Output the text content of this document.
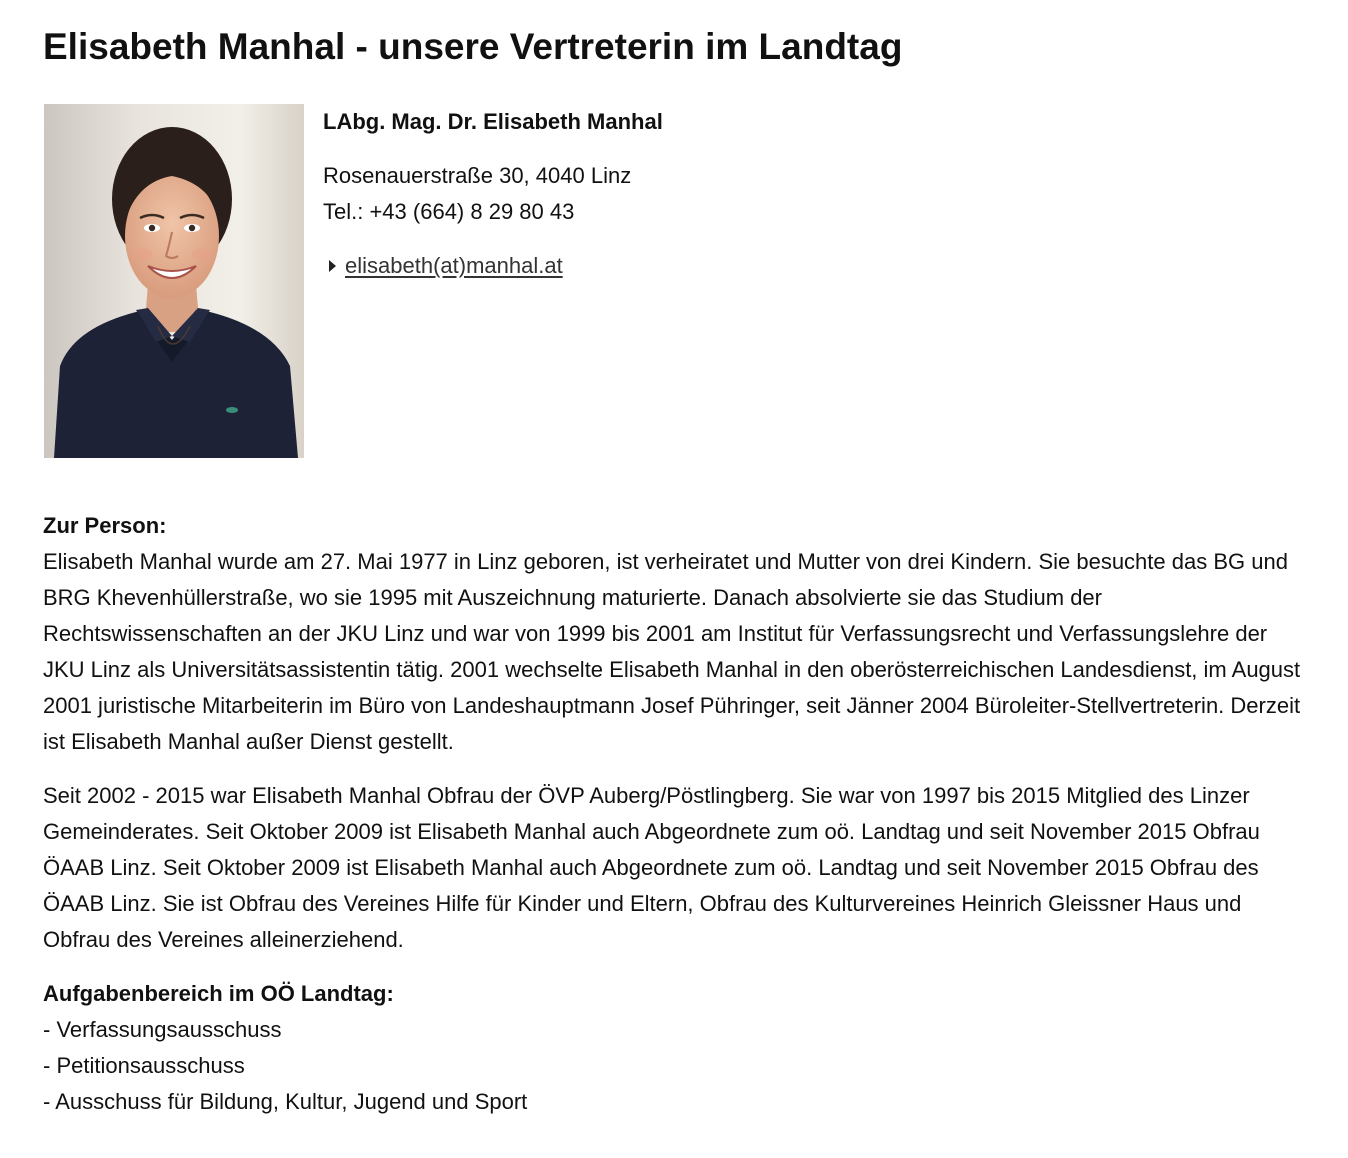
Elisabeth Manhal - unsere Vertreterin im Landtag
LAbg. Mag. Dr. Elisabeth Manhal
Rosenauerstraße 30, 4040 Linz
Tel.: +43 (664) 8 29 80 43
elisabeth(at)manhal.at

Zur Person:
Elisabeth Manhal wurde am 27. Mai 1977 in Linz geboren, ist verheiratet und Mutter von drei Kindern. Sie besuchte das BG und BRG Khevenhüllerstraße, wo sie 1995 mit Auszeichnung maturierte. Danach absolvierte sie das Studium der Rechtswissenschaften an der JKU Linz und war von 1999 bis 2001 am Institut für Verfassungsrecht und Verfassungslehre der JKU Linz als Universitätsassistentin tätig. 2001 wechselte Elisabeth Manhal in den oberösterreichischen Landesdienst, im August 2001 juristische Mitarbeiterin im Büro von Landeshauptmann Josef Pühringer, seit Jänner 2004 Büroleiter-Stellvertreterin. Derzeit ist Elisabeth Manhal außer Dienst gestellt.

Seit 2002 - 2015 war Elisabeth Manhal Obfrau der ÖVP Auberg/Pöstlingberg. Sie war von 1997 bis 2015 Mitglied des Linzer Gemeinderates. Seit Oktober 2009 ist Elisabeth Manhal auch Abgeordnete zum oö. Landtag und seit November 2015 Obfrau ÖAAB Linz. Seit Oktober 2009 ist Elisabeth Manhal auch Abgeordnete zum oö. Landtag und seit November 2015 Obfrau des ÖAAB Linz. Sie ist Obfrau des Vereines Hilfe für Kinder und Eltern, Obfrau des Kulturvereines Heinrich Gleissner Haus und Obfrau des Vereines alleinerziehend.

Aufgabenbereich im OÖ Landtag:
- Verfassungsausschuss
- Petitionsausschuss
- Ausschuss für Bildung, Kultur, Jugend und Sport
